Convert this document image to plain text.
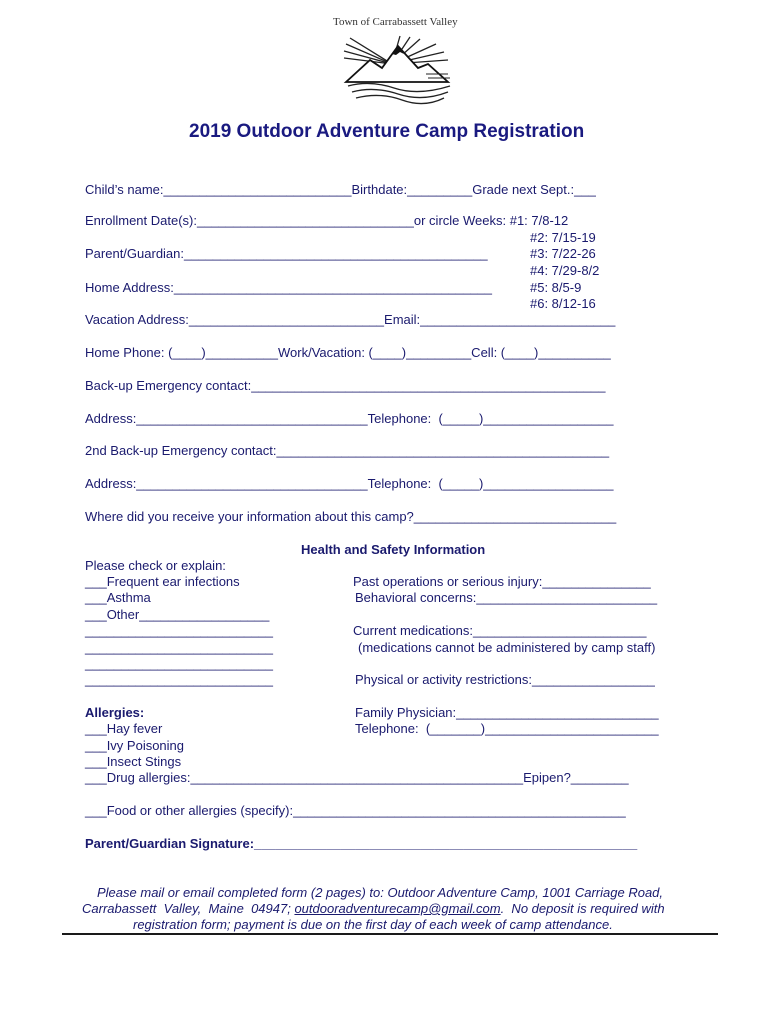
Town of Carrabassett Valley
2019 Outdoor Adventure Camp Registration
Child’s name:__________________________Birthdate:_________Grade next Sept.:___
Enrollment Date(s):______________________________or circle Weeks: #1: 7/8-12
#2: 7/15-19
Parent/Guardian:__________________________________________	#3: 7/22-26
#4: 7/29-8/2
Home Address:____________________________________________	#5: 8/5-9
#6: 8/12-16
Vacation Address:___________________________Email:___________________________
Home Phone: (____)__________Work/Vacation: (____)_________Cell: (____)__________
Back-up Emergency contact:_________________________________________________
Address:________________________________Telephone:  (_____)__________________
2nd Back-up Emergency contact:______________________________________________
Address:________________________________Telephone:  (_____)__________________
Where did you receive your information about this camp?____________________________
Health and Safety Information
Please check or explain:
___Frequent ear infections
___Asthma
___Other__________________
__________________________
__________________________
__________________________
__________________________
Past operations or serious injury:_______________
Behavioral concerns:_________________________
Current medications:________________________
(medications cannot be administered by camp staff)
Physical or activity restrictions:_________________
Allergies:
___Hay fever
___Ivy Poisoning
___Insect Stings
___Drug allergies:______________________________________________Epipen?________
Family Physician:____________________________
Telephone:  (_______)________________________
___Food or other allergies (specify):______________________________________________
Parent/Guardian Signature:_____________________________________________________
Please mail or email completed form (2 pages) to: Outdoor Adventure Camp, 1001 Carriage Road,
Carrabassett  Valley,  Maine  04947; outdooradventurecamp@gmail.com.  No deposit is required with
registration form; payment is due on the first day of each week of camp attendance.
